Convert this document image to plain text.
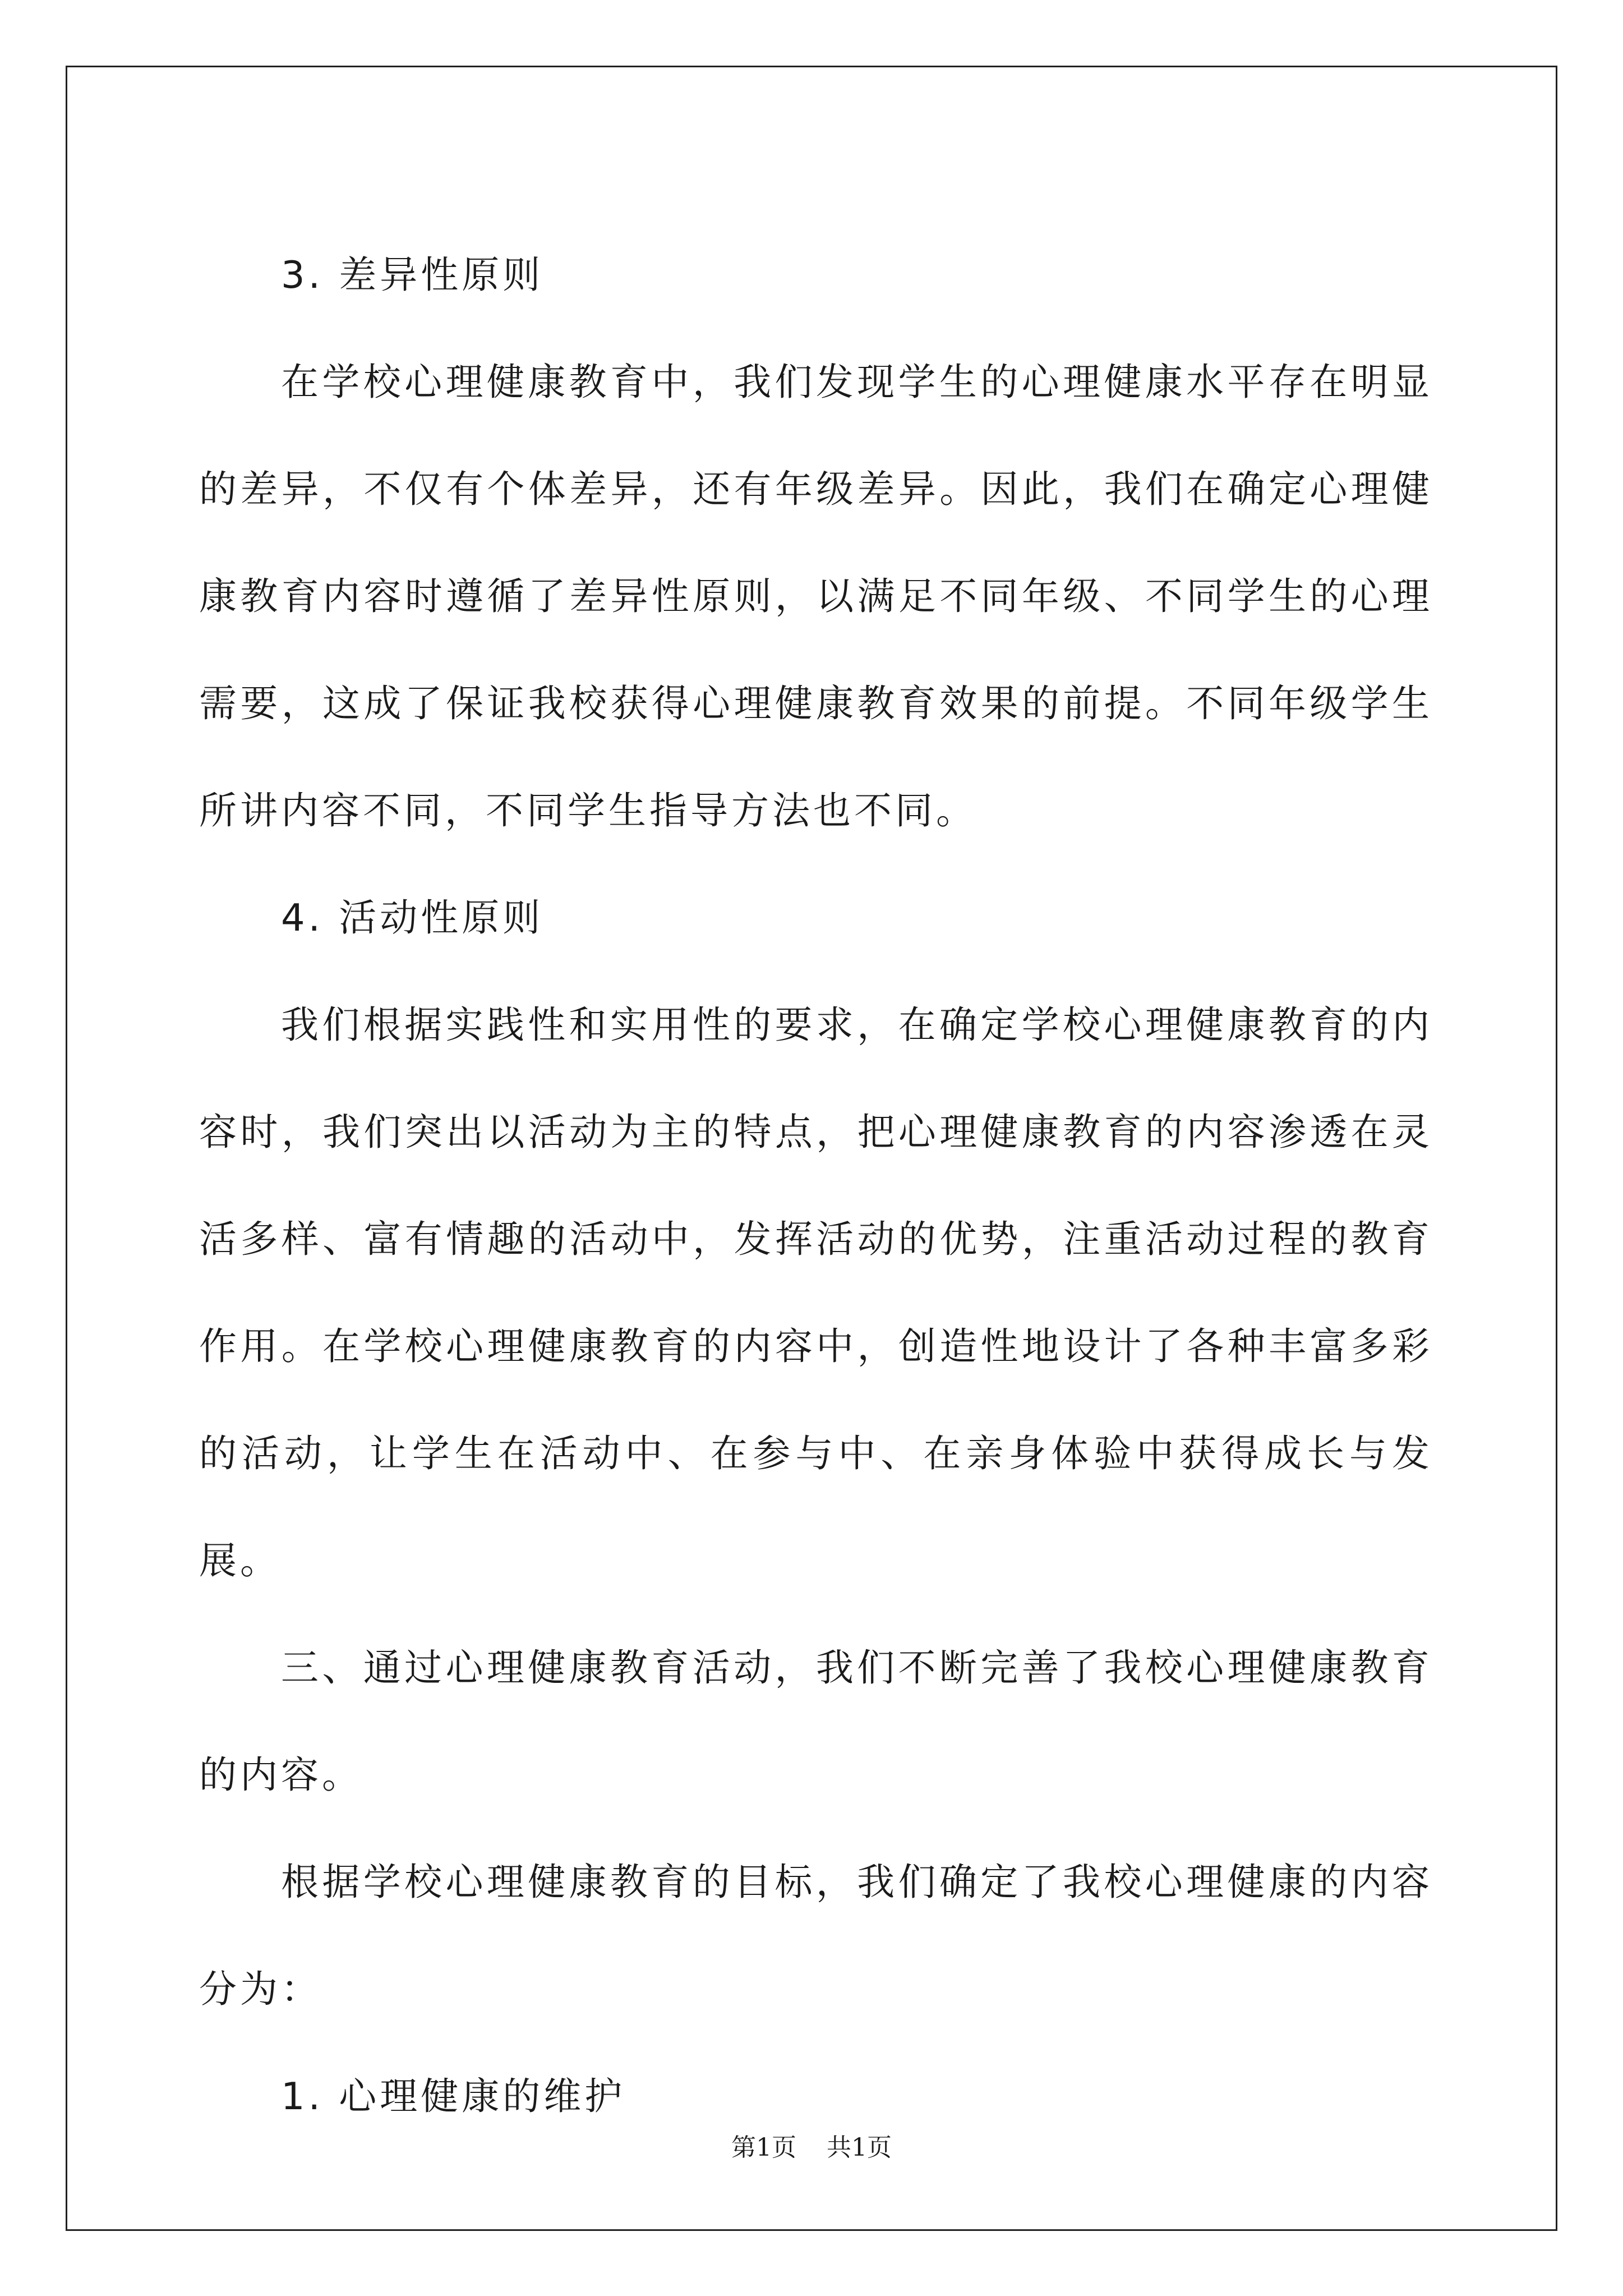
3. 差异性原则

在学校心理健康教育中，我们发现学生的心理健康水平存在明显的差异，不仅有个体差异，还有年级差异。因此，我们在确定心理健康教育内容时遵循了差异性原则，以满足不同年级、不同学生的心理需要，这成了保证我校获得心理健康教育效果的前提。不同年级学生所讲内容不同，不同学生指导方法也不同。

4. 活动性原则

我们根据实践性和实用性的要求，在确定学校心理健康教育的内容时，我们突出以活动为主的特点，把心理健康教育的内容渗透在灵活多样、富有情趣的活动中，发挥活动的优势，注重活动过程的教育作用。在学校心理健康教育的内容中，创造性地设计了各种丰富多彩的活动，让学生在活动中、在参与中、在亲身体验中获得成长与发展。

三、通过心理健康教育活动，我们不断完善了我校心理健康教育的内容。

根据学校心理健康教育的目标，我们确定了我校心理健康的内容分为：

1. 心理健康的维护

第1页 共1页
